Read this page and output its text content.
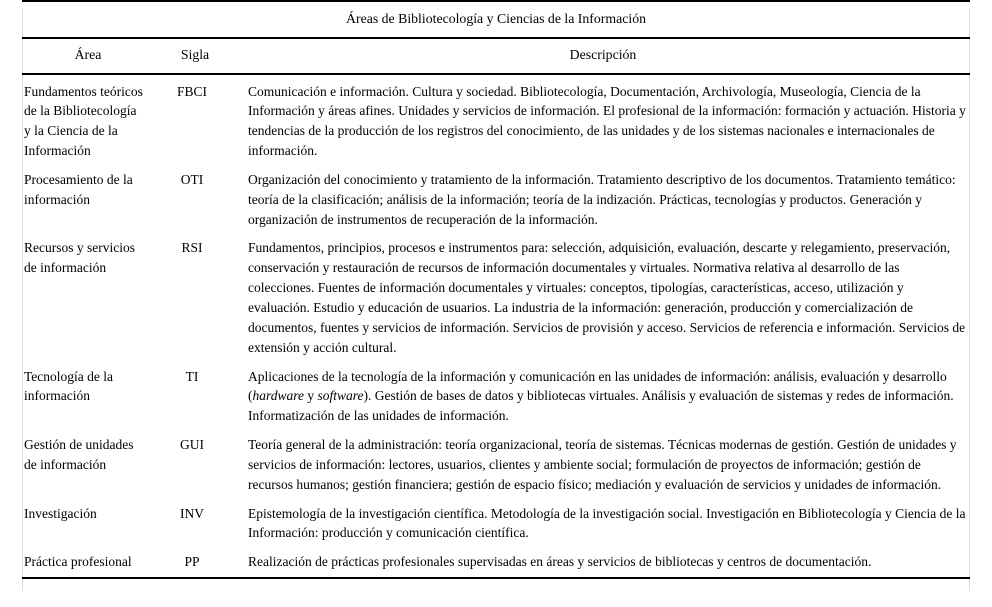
Áreas de Bibliotecología y Ciencias de la Información		
Área	Sigla	Descripción
Fundamentos teóricos de la Bibliotecología y la Ciencia de la Información	FBCI	Comunicación e información. Cultura y sociedad. Bibliotecología, Documentación, Archivología, Museología, Ciencia de la Información y áreas afines. Unidades y servicios de información. El profesional de la información: formación y actuación. Historia y tendencias de la producción de los registros del conocimiento, de las unidades y de los sistemas nacionales e internacionales de información.
Procesamiento de la información	OTI	Organización del conocimiento y tratamiento de la información. Tratamiento descriptivo de los documentos. Tratamiento temático: teoría de la clasificación; análisis de la información; teoría de la indización. Prácticas, tecnologías y productos. Generación y organización de instrumentos de recuperación de la información.
Recursos y servicios de información	RSI	Fundamentos, principios, procesos e instrumentos para: selección, adquisición, evaluación, descarte y relegamiento, preservación, conservación y restauración de recursos de información documentales y virtuales. Normativa relativa al desarrollo de las colecciones. Fuentes de información documentales y virtuales: conceptos, tipologías, características, acceso, utilización y evaluación. Estudio y educación de usuarios. La industria de la información: generación, producción y comercialización de documentos, fuentes y servicios de información. Servicios de provisión y acceso. Servicios de referencia e información. Servicios de extensión y acción cultural.
Tecnología de la información	TI	Aplicaciones de la tecnología de la información y comunicación en las unidades de información: análisis, evaluación y desarrollo (hardware y software). Gestión de bases de datos y bibliotecas virtuales. Análisis y evaluación de sistemas y redes de información. Informatización de las unidades de información.
Gestión de unidades de información	GUI	Teoría general de la administración: teoría organizacional, teoría de sistemas. Técnicas modernas de gestión. Gestión de unidades y servicios de información: lectores, usuarios, clientes y ambiente social; formulación de proyectos de información; gestión de recursos humanos; gestión financiera; gestión de espacio físico; mediación y evaluación de servicios y unidades de información.
Investigación	INV	Epistemología de la investigación científica. Metodología de la investigación social. Investigación en Bibliotecología y Ciencia de la Información: producción y comunicación científica.
Práctica profesional	PP	Realización de prácticas profesionales supervisadas en áreas y servicios de bibliotecas y centros de documentación.
